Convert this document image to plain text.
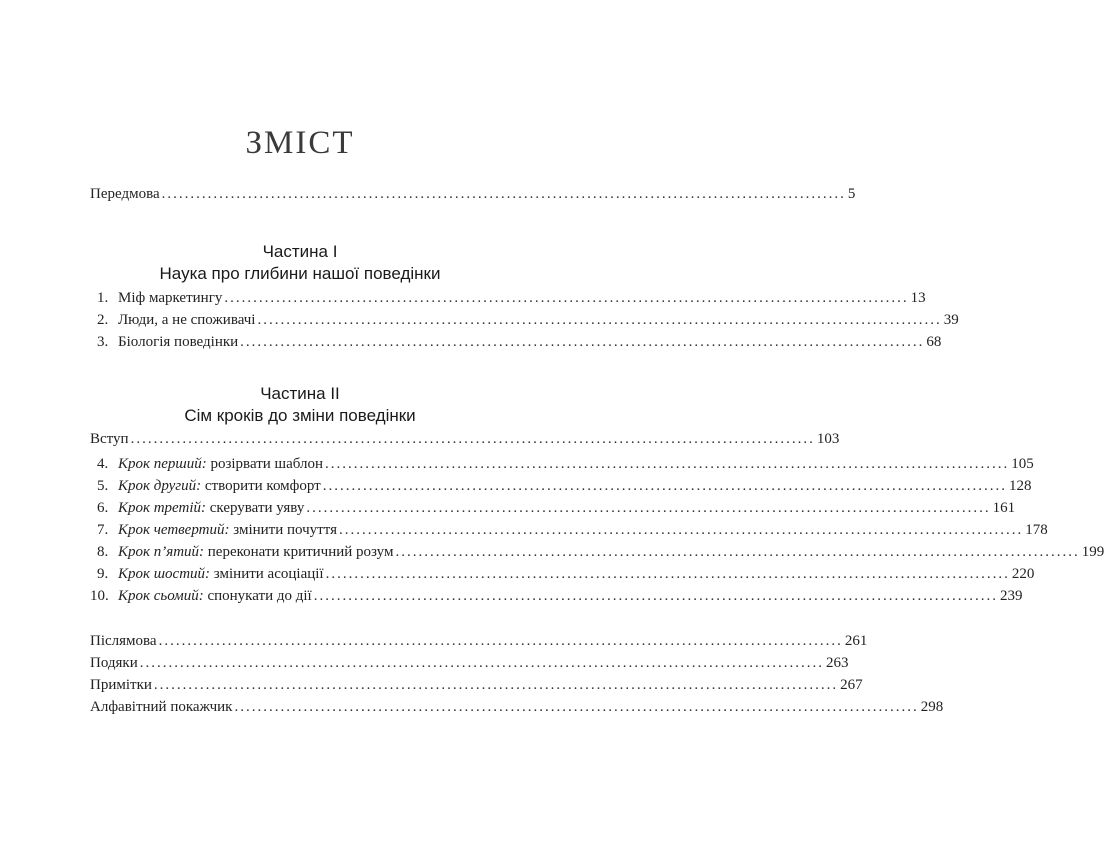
ЗМІСТ
Передмова ....................................................................................................................... 5
Частина I
Наука про глибини нашої поведінки
1. Міф маркетингу ....................................................................................................................... 13
2. Люди, а не споживачі ....................................................................................................................... 39
3. Біологія поведінки ....................................................................................................................... 68
Частина II
Сім кроків до зміни поведінки
Вступ ....................................................................................................................... 103
4. Крок перший: розірвати шаблон ....................................................................................................................... 105
5. Крок другий: створити комфорт ....................................................................................................................... 128
6. Крок третій: скерувати уяву ....................................................................................................................... 161
7. Крок четвертий: змінити почуття ....................................................................................................................... 178
8. Крок п’ятий: переконати критичний розум ....................................................................................................................... 199
9. Крок шостий: змінити асоціації ....................................................................................................................... 220
10. Крок сьомий: спонукати до дії ....................................................................................................................... 239
Післямова ....................................................................................................................... 261
Подяки ....................................................................................................................... 263
Примітки ....................................................................................................................... 267
Алфавітний покажчик ....................................................................................................................... 298
